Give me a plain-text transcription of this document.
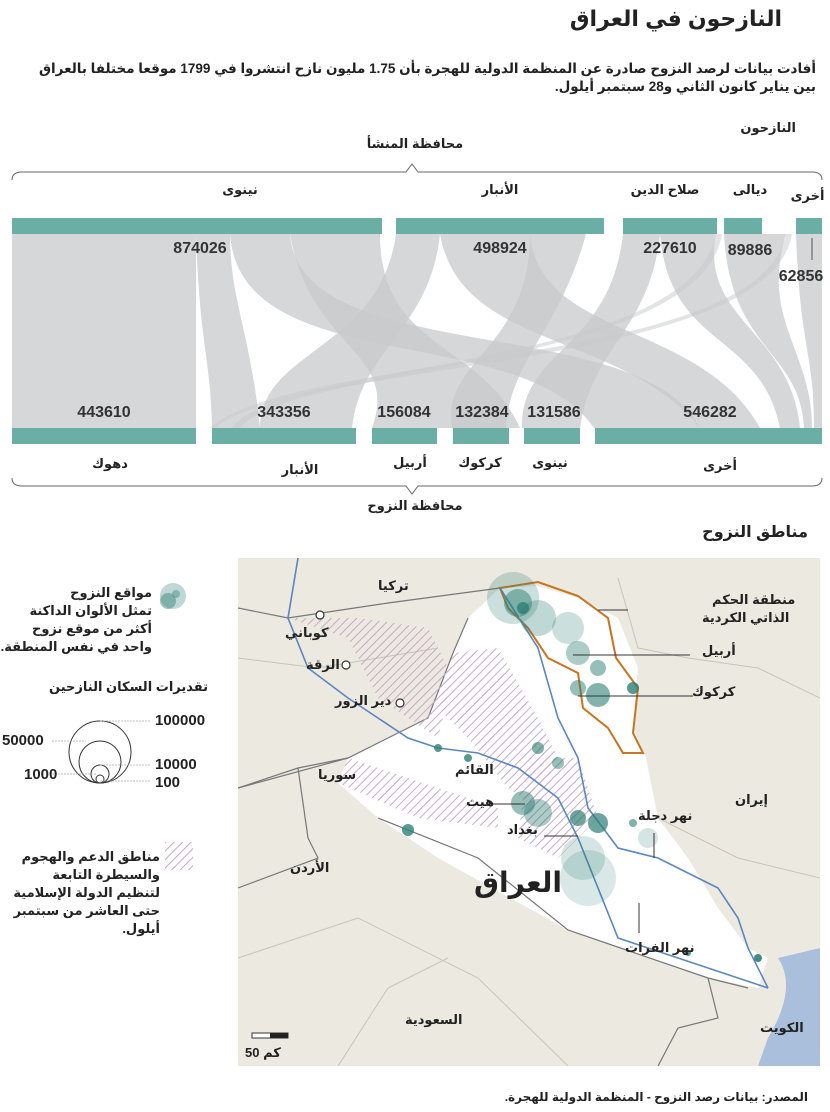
النازحون في العراق
أفادت بيانات لرصد النزوح صادرة عن المنظمة الدولية للهجرة بأن 1.75 مليون نازح انتشروا في 1799 موقعا مختلفا بالعراق بين يناير كانون الثاني و28 سبتمبر أيلول.
النازحون
محافظة المنشأ
نينوى	الأنبار	صلاح الدين	ديالى	أخرى
874026	498924	227610	89886
62856
443610	343356	156084	132384	131586	546282
دهوك	الأنبار	أربيل	كركوك	نينوى	أخرى
محافظة النزوح
مناطق النزوح
تركيا
كوباني
الرقة
دير الزور
سوريا	القائم
هيت
بغداد
العراق
الأردن
السعودية
الكويت
إيران
نهر دجلة
نهر الفرات
منطقة الحكم
الذاتي الكردية
أربيل
كركوك
50 كم
مواقع النزوح
تمثل الألوان الداكنة
أكثر من موقع نزوح
واحد في نفس المنطقة.
تقديرات السكان النازحين
100000
50000
10000
1000	100
مناطق الدعم والهجوم
والسيطرة التابعة
لتنظيم الدولة الإسلامية
حتى العاشر من سبتمبر
أيلول.
المصدر: بيانات رصد النزوح - المنظمة الدولية للهجرة.
